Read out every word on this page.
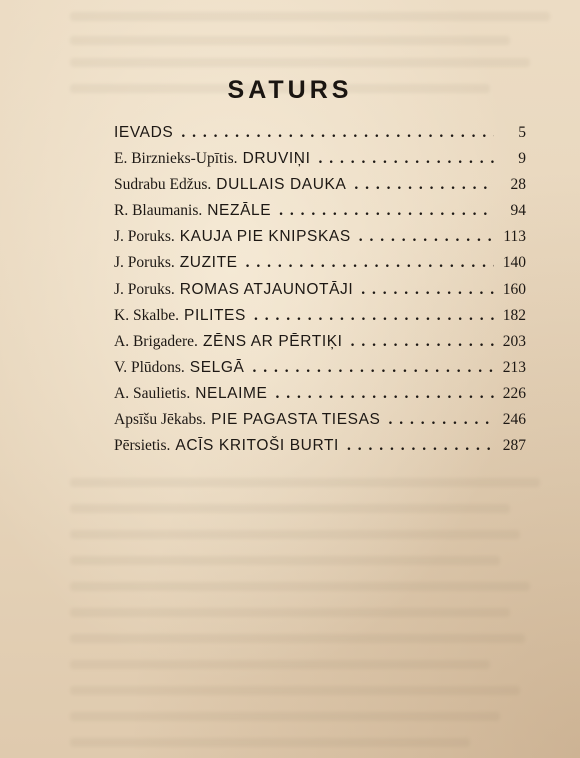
SATURS
IEVADS . . .	5
E. Birznieks-Upītis. DRUVIŅI . . .	9
Sudrabu Edžus. DULLAIS DAUKA . . .	28
R. Blaumanis. NEZĀLE . . .	94
J. Poruks. KAUJA PIE KNIPSKAS . . .	113
J. Poruks. ZUZITE . . .	140
J. Poruks. ROMAS ATJAUNOTĀJI . . .	160
K. Skalbe. PILITES . . .	182
A. Brigadere. ZĒNS AR PĒRTIĶI . . .	203
V. Plūdons. SELGĀ . . .	213
A. Saulietis. NELAIME . . .	226
Apsīšu Jēkabs. PIE PAGASTA TIESAS . . .	246
Pērsietis. ACĪS KRITOŠI BURTI . . .	287
